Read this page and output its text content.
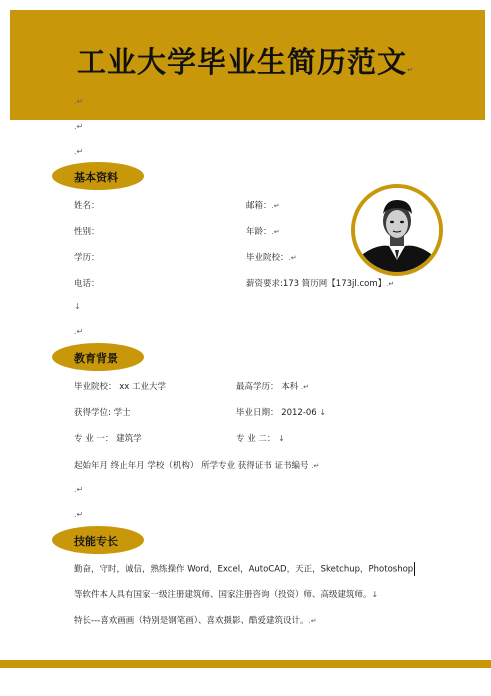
工业大学毕业生简历范文↵
.↵
.↵
.↵
基本资料
姓名：	邮箱：.↵
性别：	年龄：.↵
学历：	毕业院校：.↵
电话：	薪资要求:173 简历网【173jl.com】.↵
↓
.↵
教育背景
毕业院校： xx 工业大学	最高学历： 本科 .↵
获得学位: 学士	毕业日期： 2012-06 ↓
专 业 一： 建筑学	专 业 二： ↓
起始年月 终止年月 学校（机构） 所学专业 获得证书 证书编号 .↵
.↵
.↵
技能专长
勤奋，守时，诚信，熟练操作 Word，Excel，AutoCAD，天正，Sketchup，Photoshop
等软件本人具有国家一级注册建筑师、国家注册咨询（投资）师、高级建筑师。↓
特长---喜欢画画（特别是钢笔画）、喜欢摄影、酷爱建筑设计。.↵
